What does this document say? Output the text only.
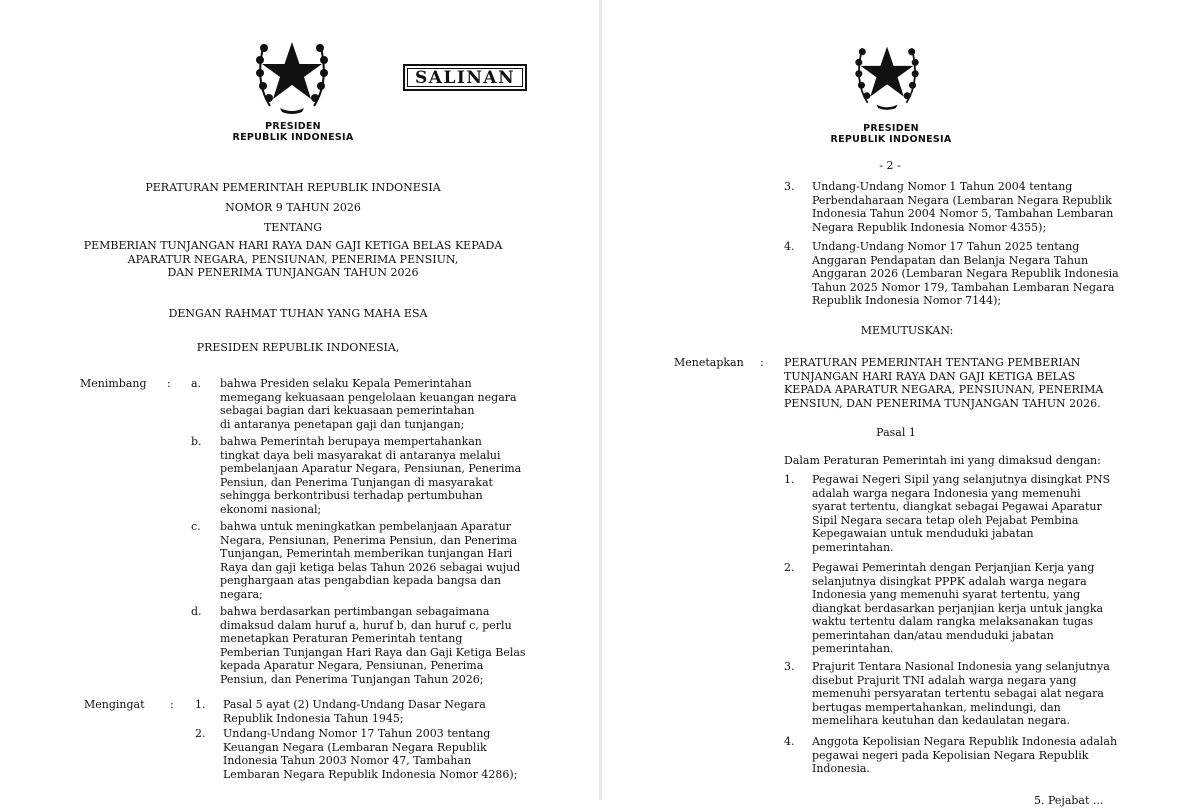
SALINAN
PRESIDEN
REPUBLIK INDONESIA
PERATURAN PEMERINTAH REPUBLIK INDONESIA
NOMOR 9 TAHUN 2026
TENTANG
PEMBERIAN TUNJANGAN HARI RAYA DAN GAJI KETIGA BELAS KEPADA
APARATUR NEGARA, PENSIUNAN, PENERIMA PENSIUN,
DAN PENERIMA TUNJANGAN TAHUN 2026
DENGAN RAHMAT TUHAN YANG MAHA ESA
PRESIDEN REPUBLIK INDONESIA,
Menimbang : a. bahwa Presiden selaku Kepala Pemerintahan
memegang kekuasaan pengelolaan keuangan negara
sebagai bagian dari kekuasaan pemerintahan
di antaranya penetapan gaji dan tunjangan;
b. bahwa Pemerintah berupaya mempertahankan
tingkat daya beli masyarakat di antaranya melalui
pembelanjaan Aparatur Negara, Pensiunan, Penerima
Pensiun, dan Penerima Tunjangan di masyarakat
sehingga berkontribusi terhadap pertumbuhan
ekonomi nasional;
c. bahwa untuk meningkatkan pembelanjaan Aparatur
Negara, Pensiunan, Penerima Pensiun, dan Penerima
Tunjangan, Pemerintah memberikan tunjangan Hari
Raya dan gaji ketiga belas Tahun 2026 sebagai wujud
penghargaan atas pengabdian kepada bangsa dan
negara;
d. bahwa berdasarkan pertimbangan sebagaimana
dimaksud dalam huruf a, huruf b, dan huruf c, perlu
menetapkan Peraturan Pemerintah tentang
Pemberian Tunjangan Hari Raya dan Gaji Ketiga Belas
kepada Aparatur Negara, Pensiunan, Penerima
Pensiun, dan Penerima Tunjangan Tahun 2026;
Mengingat : 1. Pasal 5 ayat (2) Undang-Undang Dasar Negara
Republik Indonesia Tahun 1945;
2. Undang-Undang Nomor 17 Tahun 2003 tentang
Keuangan Negara (Lembaran Negara Republik
Indonesia Tahun 2003 Nomor 47, Tambahan
Lembaran Negara Republik Indonesia Nomor 4286);
PRESIDEN
REPUBLIK INDONESIA
- 2 -
3. Undang-Undang Nomor 1 Tahun 2004 tentang
Perbendaharaan Negara (Lembaran Negara Republik
Indonesia Tahun 2004 Nomor 5, Tambahan Lembaran
Negara Republik Indonesia Nomor 4355);
4. Undang-Undang Nomor 17 Tahun 2025 tentang
Anggaran Pendapatan dan Belanja Negara Tahun
Anggaran 2026 (Lembaran Negara Republik Indonesia
Tahun 2025 Nomor 179, Tambahan Lembaran Negara
Republik Indonesia Nomor 7144);
MEMUTUSKAN:
Menetapkan : PERATURAN PEMERINTAH TENTANG PEMBERIAN
TUNJANGAN HARI RAYA DAN GAJI KETIGA BELAS
KEPADA APARATUR NEGARA, PENSIUNAN, PENERIMA
PENSIUN, DAN PENERIMA TUNJANGAN TAHUN 2026.
Pasal 1
Dalam Peraturan Pemerintah ini yang dimaksud dengan:
1. Pegawai Negeri Sipil yang selanjutnya disingkat PNS
adalah warga negara Indonesia yang memenuhi
syarat tertentu, diangkat sebagai Pegawai Aparatur
Sipil Negara secara tetap oleh Pejabat Pembina
Kepegawaian untuk menduduki jabatan
pemerintahan.
2. Pegawai Pemerintah dengan Perjanjian Kerja yang
selanjutnya disingkat PPPK adalah warga negara
Indonesia yang memenuhi syarat tertentu, yang
diangkat berdasarkan perjanjian kerja untuk jangka
waktu tertentu dalam rangka melaksanakan tugas
pemerintahan dan/atau menduduki jabatan
pemerintahan.
3. Prajurit Tentara Nasional Indonesia yang selanjutnya
disebut Prajurit TNI adalah warga negara yang
memenuhi persyaratan tertentu sebagai alat negara
bertugas mempertahankan, melindungi, dan
memelihara keutuhan dan kedaulatan negara.
4. Anggota Kepolisian Negara Republik Indonesia adalah
pegawai negeri pada Kepolisian Negara Republik
Indonesia.
5. Pejabat ...
